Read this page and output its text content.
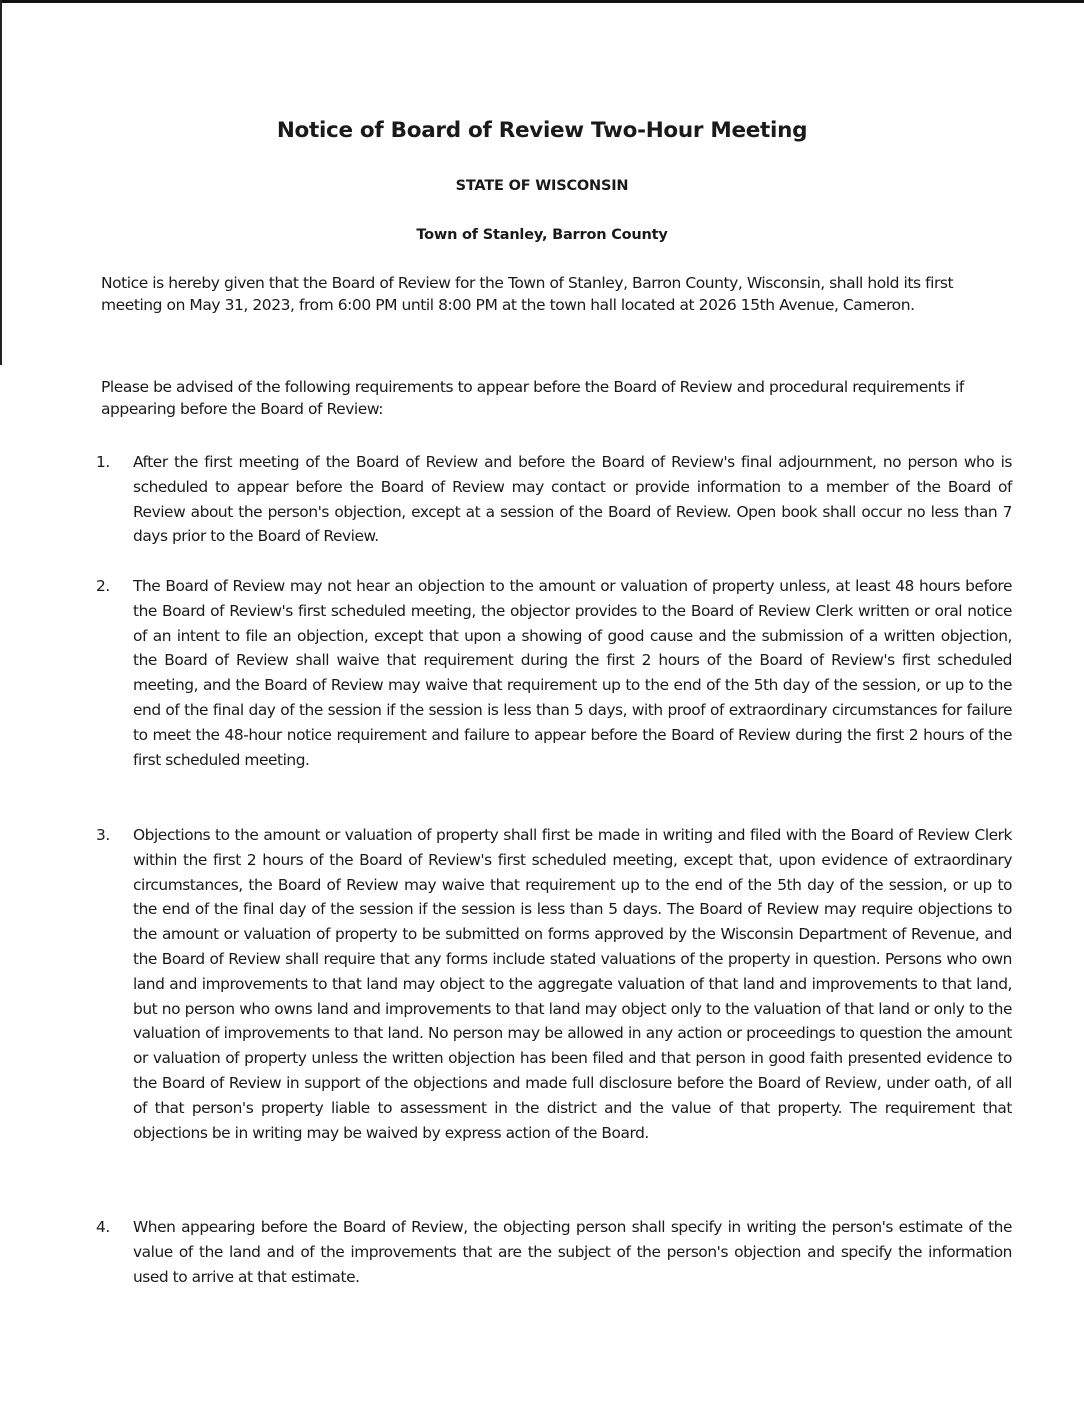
Notice of Board of Review Two-Hour Meeting
STATE OF WISCONSIN
Town of Stanley, Barron County
Notice is hereby given that the Board of Review for the Town of Stanley, Barron County, Wisconsin, shall hold its first meeting on May 31, 2023, from 6:00 PM until 8:00 PM at the town hall located at 2026 15th Avenue, Cameron.
Please be advised of the following requirements to appear before the Board of Review and procedural requirements if appearing before the Board of Review:
1.	After the first meeting of the Board of Review and before the Board of Review's final adjournment, no person who is scheduled to appear before the Board of Review may contact or provide information to a member of the Board of Review about the person's objection, except at a session of the Board of Review. Open book shall occur no less than 7 days prior to the Board of Review.
2.	The Board of Review may not hear an objection to the amount or valuation of property unless, at least 48 hours before the Board of Review's first scheduled meeting, the objector provides to the Board of Review Clerk written or oral notice of an intent to file an objection, except that upon a showing of good cause and the submission of a written objection, the Board of Review shall waive that requirement during the first 2 hours of the Board of Review's first scheduled meeting, and the Board of Review may waive that requirement up to the end of the 5th day of the session, or up to the end of the final day of the session if the session is less than 5 days, with proof of extraordinary circumstances for failure to meet the 48-hour notice requirement and failure to appear before the Board of Review during the first 2 hours of the first scheduled meeting.
3.	Objections to the amount or valuation of property shall first be made in writing and filed with the Board of Review Clerk within the first 2 hours of the Board of Review's first scheduled meeting, except that, upon evidence of extraordinary circumstances, the Board of Review may waive that requirement up to the end of the 5th day of the session, or up to the end of the final day of the session if the session is less than 5 days. The Board of Review may require objections to the amount or valuation of property to be submitted on forms approved by the Wisconsin Department of Revenue, and the Board of Review shall require that any forms include stated valuations of the property in question. Persons who own land and improvements to that land may object to the aggregate valuation of that land and improvements to that land, but no person who owns land and improvements to that land may object only to the valuation of that land or only to the valuation of improvements to that land. No person may be allowed in any action or proceedings to question the amount or valuation of property unless the written objection has been filed and that person in good faith presented evidence to the Board of Review in support of the objections and made full disclosure before the Board of Review, under oath, of all of that person's property liable to assessment in the district and the value of that property. The requirement that objections be in writing may be waived by express action of the Board.
4.	When appearing before the Board of Review, the objecting person shall specify in writing the person's estimate of the value of the land and of the improvements that are the subject of the person's objection and specify the information used to arrive at that estimate.
